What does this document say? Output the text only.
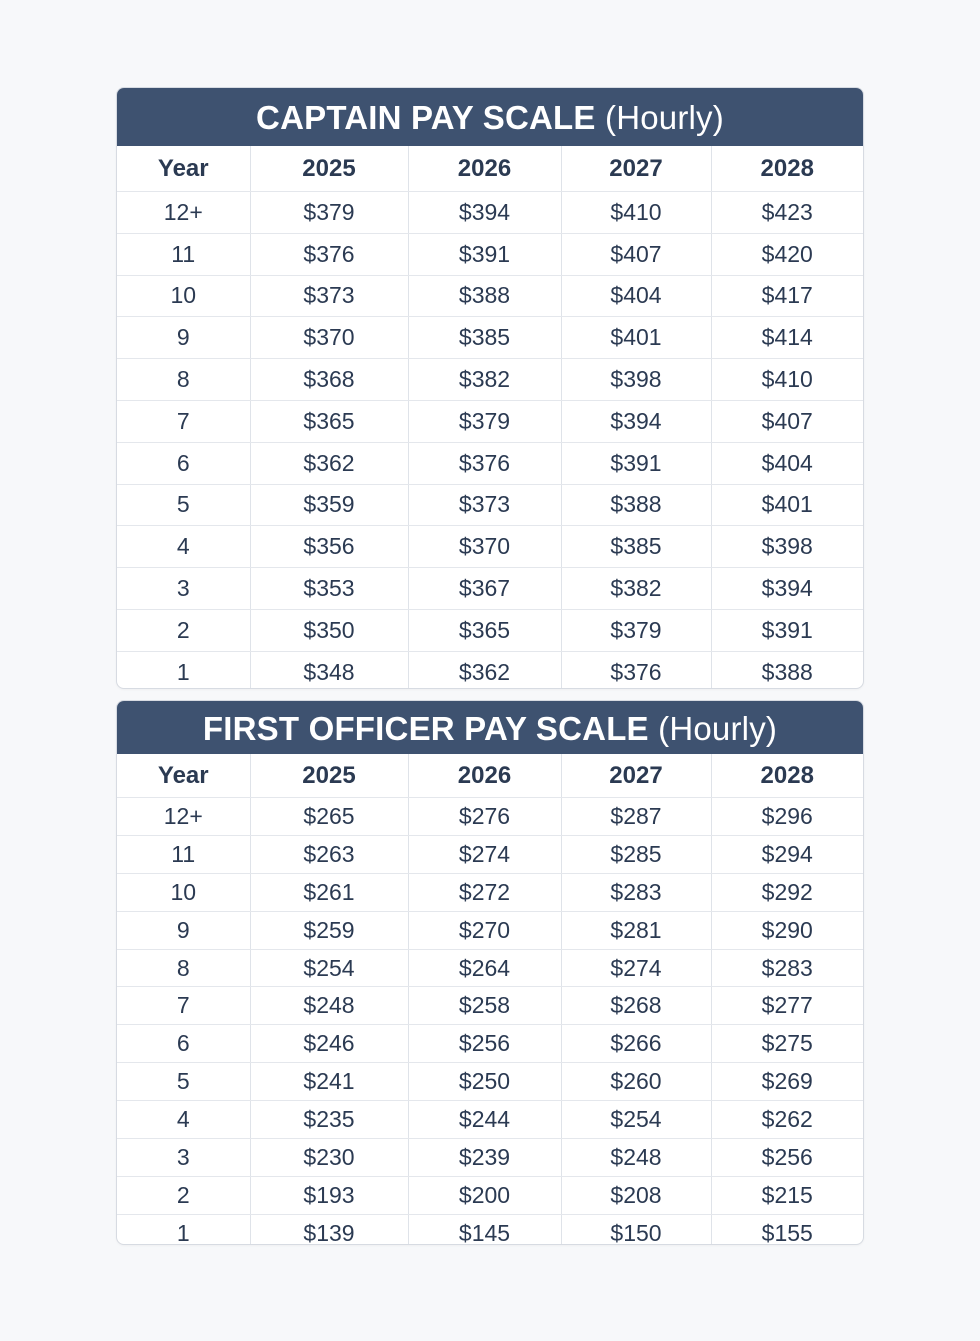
CAPTAIN PAY SCALE (Hourly)
Year	2025	2026	2027	2028
12+	$379	$394	$410	$423
11	$376	$391	$407	$420
10	$373	$388	$404	$417
9	$370	$385	$401	$414
8	$368	$382	$398	$410
7	$365	$379	$394	$407
6	$362	$376	$391	$404
5	$359	$373	$388	$401
4	$356	$370	$385	$398
3	$353	$367	$382	$394
2	$350	$365	$379	$391
1	$348	$362	$376	$388
FIRST OFFICER PAY SCALE (Hourly)
Year	2025	2026	2027	2028
12+	$265	$276	$287	$296
11	$263	$274	$285	$294
10	$261	$272	$283	$292
9	$259	$270	$281	$290
8	$254	$264	$274	$283
7	$248	$258	$268	$277
6	$246	$256	$266	$275
5	$241	$250	$260	$269
4	$235	$244	$254	$262
3	$230	$239	$248	$256
2	$193	$200	$208	$215
1	$139	$145	$150	$155
